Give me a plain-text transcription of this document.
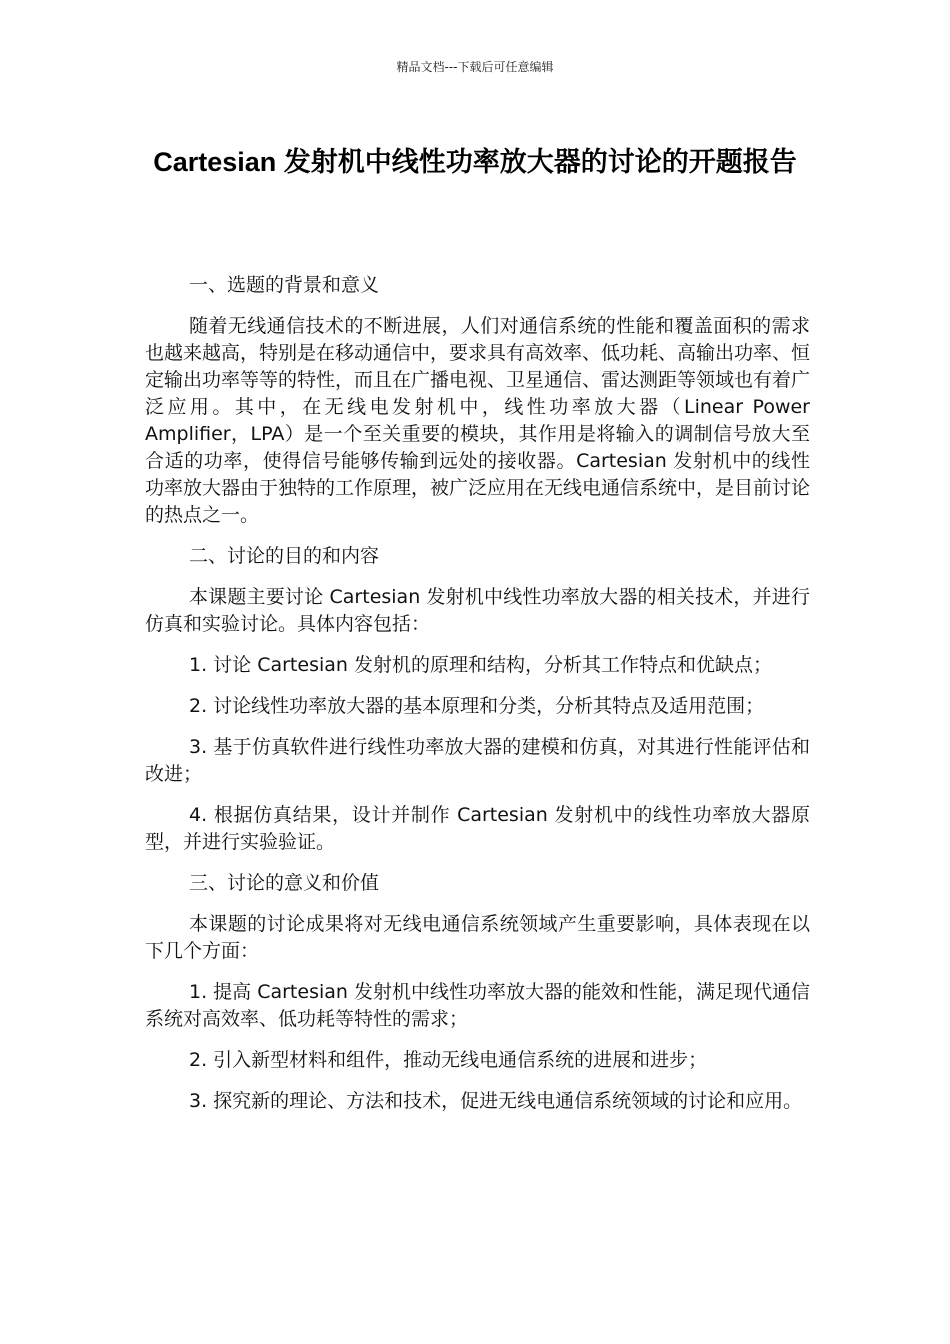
精品文档---下载后可任意编辑
Cartesian 发射机中线性功率放大器的讨论的开题报告

一、选题的背景和意义

随着无线通信技术的不断进展，人们对通信系统的性能和覆盖面积的需求也越来越高，特别是在移动通信中，要求具有高效率、低功耗、高输出功率、恒定输出功率等等的特性，而且在广播电视、卫星通信、雷达测距等领域也有着广泛应用。其中，在无线电发射机中，线性功率放大器（Linear Power Amplifier，LPA）是一个至关重要的模块，其作用是将输入的调制信号放大至合适的功率，使得信号能够传输到远处的接收器。Cartesian 发射机中的线性功率放大器由于独特的工作原理，被广泛应用在无线电通信系统中，是目前讨论的热点之一。

二、讨论的目的和内容

本课题主要讨论 Cartesian 发射机中线性功率放大器的相关技术，并进行仿真和实验讨论。具体内容包括：

1. 讨论 Cartesian 发射机的原理和结构，分析其工作特点和优缺点；

2. 讨论线性功率放大器的基本原理和分类，分析其特点及适用范围；

3. 基于仿真软件进行线性功率放大器的建模和仿真，对其进行性能评估和改进；

4. 根据仿真结果，设计并制作 Cartesian 发射机中的线性功率放大器原型，并进行实验验证。

三、讨论的意义和价值

本课题的讨论成果将对无线电通信系统领域产生重要影响，具体表现在以下几个方面：

1. 提高 Cartesian 发射机中线性功率放大器的能效和性能，满足现代通信系统对高效率、低功耗等特性的需求；

2. 引入新型材料和组件，推动无线电通信系统的进展和进步；

3. 探究新的理论、方法和技术，促进无线电通信系统领域的讨论和应用。
